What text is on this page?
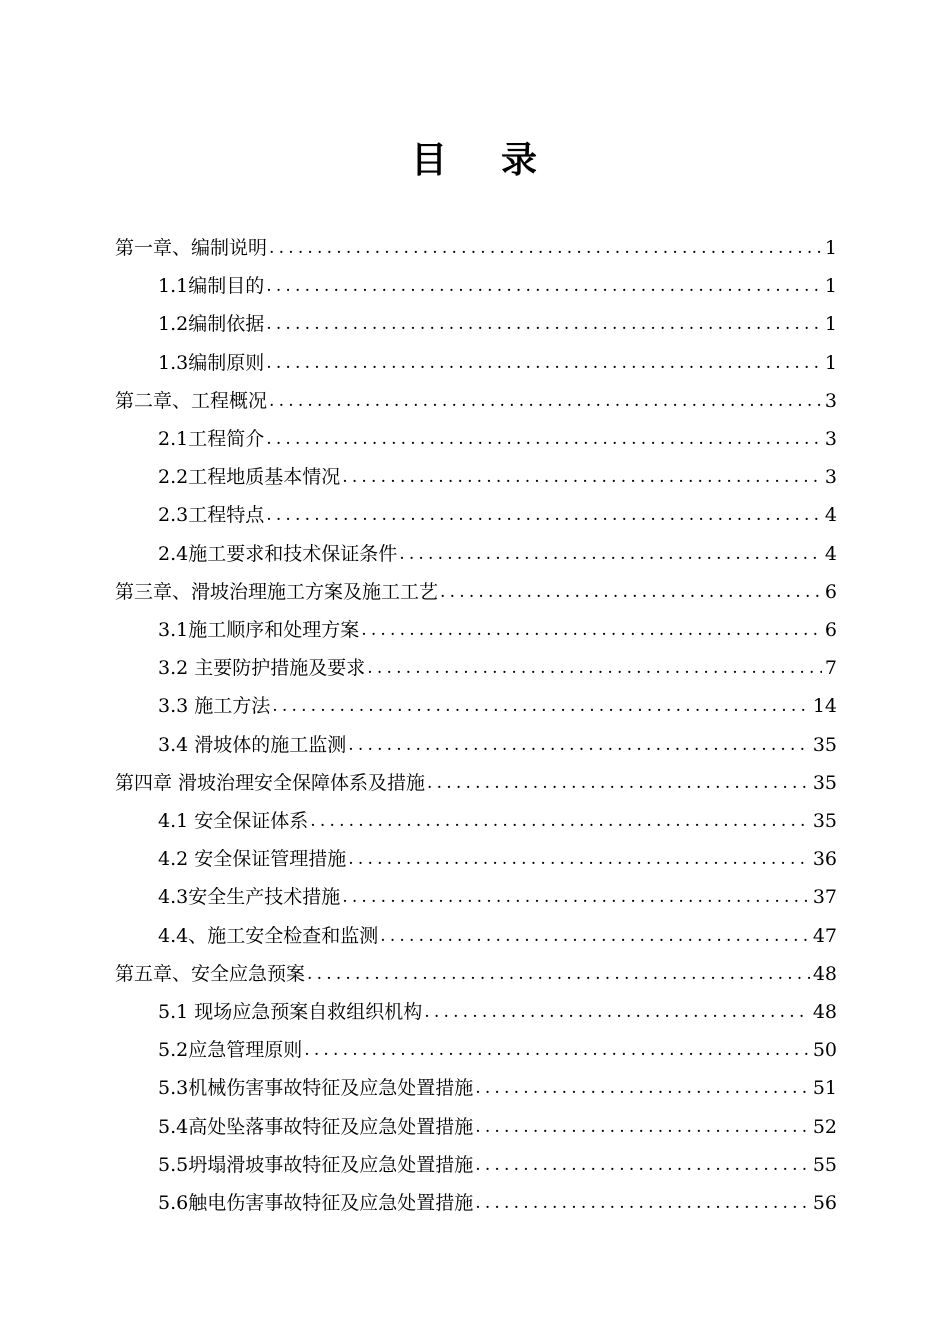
目 录
第一章、编制说明 .....	1
1.1编制目的 .....	1
1.2编制依据 .....	1
1.3编制原则 .....	1
第二章、工程概况 .....	3
2.1工程简介 .....	3
2.2工程地质基本情况 .....	3
2.3工程特点 .....	4
2.4施工要求和技术保证条件 .....	4
第三章、滑坡治理施工方案及施工工艺 .....	6
3.1施工顺序和处理方案 .....	6
3.2 主要防护措施及要求 .....	7
3.3 施工方法 .....	14
3.4 滑坡体的施工监测 .....	35
第四章 滑坡治理安全保障体系及措施 .....	35
4.1 安全保证体系 .....	35
4.2 安全保证管理措施 .....	36
4.3安全生产技术措施 .....	37
4.4、施工安全检查和监测 .....	47
第五章、安全应急预案 .....	48
5.1 现场应急预案自救组织机构 .....	48
5.2应急管理原则 .....	50
5.3机械伤害事故特征及应急处置措施 .....	51
5.4高处坠落事故特征及应急处置措施 .....	52
5.5坍塌滑坡事故特征及应急处置措施 .....	55
5.6触电伤害事故特征及应急处置措施 .....	56
